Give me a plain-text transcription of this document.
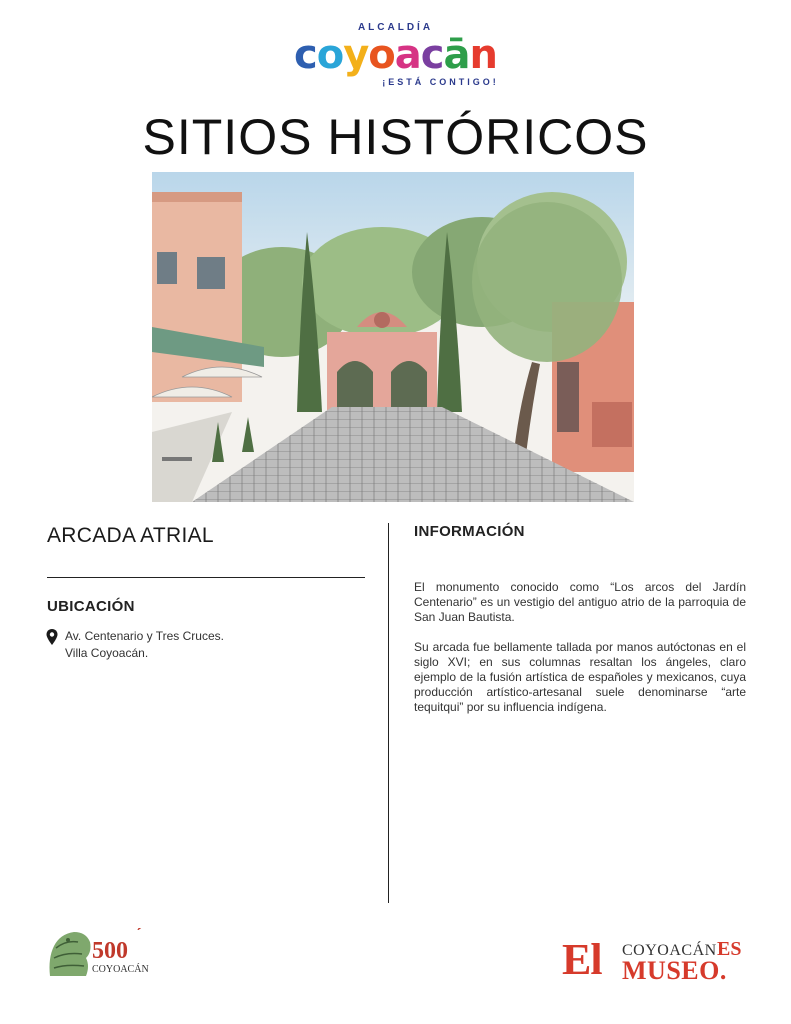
ALCALDÍA
coyoacān
¡ESTÁ CONTIGO!
SITIOS HISTÓRICOS
ARCADA ATRIAL
UBICACIÓN
Av. Centenario y Tres Cruces.
Villa Coyoacán.
INFORMACIÓN

El monumento conocido como “Los arcos del Jardín Centenario” es un vestigio del antiguo atrio de la parroquia de San Juan Bautista.

Su arcada fue bellamente tallada por manos autóctonas en el siglo XVI; en sus columnas resaltan los ángeles, claro ejemplo de la fusión artística de españoles y mexicanos, cuya producción artístico-artesanal suele denominarse “arte tequitqui” por su influencia indígena.

500
´
COYOACÁN	El COYOACÁN ES
MUSEO.
